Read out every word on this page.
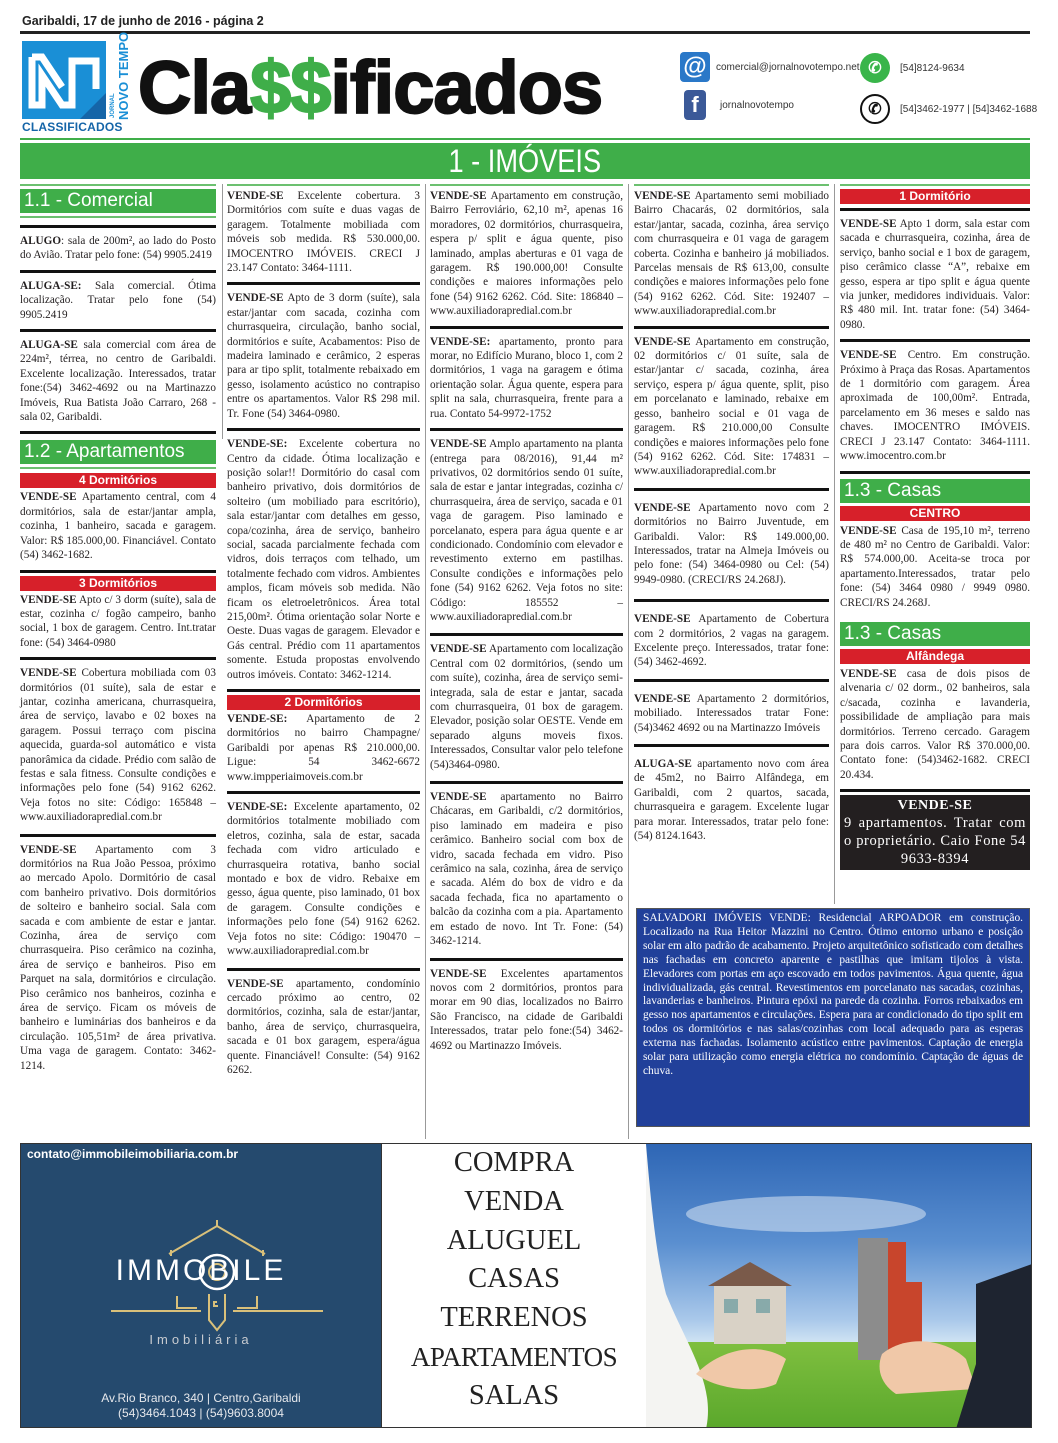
Garibaldi, 17 de junho de 2016 - página 2
JORNAL NOVO TEMPO
CLASSIFICADOS Cla$$ificados	@ comercial@jornalnovotempo.net
f	jornalnovotempo
✆	[54]8124-9634
✆	[54]3462-1977 | [54]3462-1688
1 - IMÓVEIS
1.1 - Comercial

ALUGO: sala de 200m², ao lado do Posto do Avião. Tratar pelo fone: (54) 9905.2419

ALUGA-SE: Sala comercial. Ótima localização. Tratar pelo fone (54) 9905.2419

ALUGA-SE sala comercial com área de 224m², térrea, no centro de Garibaldi. Excelente localização. Interessados, tratar fone:(54) 3462-4692 ou na Martinazzo Imóveis, Rua Batista João Carraro, 268 - sala 02, Garibaldi.

1.2 - Apartamentos
4 Dormitórios

VENDE-SE Apartamento central, com 4 dormitórios, sala de estar/jantar ampla, cozinha, 1 banheiro, sacada e garagem. Valor: R$ 185.000,00. Financiável. Contato (54) 3462-1682.

3 Dormitórios

VENDE-SE Apto c/ 3 dorm (suíte), sala de estar, cozinha c/ fogão campeiro, banho social, 1 box de garagem. Centro. Int.tratar fone: (54) 3464-0980

VENDE-SE Cobertura mobiliada com 03 dormitórios (01 suíte), sala de estar e jantar, cozinha americana, churrasqueira, área de serviço, lavabo e 02 boxes na garagem. Possui terraço com piscina aquecida, guarda-sol automático e vista panorâmica da cidade. Prédio com salão de festas e sala fitness. Consulte condições e informações pelo fone (54) 9162 6262. Veja fotos no site: Código: 165848 – www.auxiliadorapredial.com.br

VENDE-SE Apartamento com 3 dormitórios na Rua João Pessoa, próximo ao mercado Apolo. Dormitório de casal com banheiro privativo. Dois dormitórios de solteiro e banheiro social. Sala com sacada e com ambiente de estar e jantar. Cozinha, área de serviço com churrasqueira. Piso cerâmico na cozinha, área de serviço e banheiros. Piso em Parquet na sala, dormitórios e circulação. Piso cerâmico nos banheiros, cozinha e área de serviço. Ficam os móveis de banheiro e luminárias dos banheiros e da circulação. 105,51m² de área privativa. Uma vaga de garagem. Contato: 3462-1214.

VENDE-SE Excelente cobertura. 3 Dormitórios com suíte e duas vagas de garagem. Totalmente mobiliada com móveis sob medida. R$ 530.000,00. IMOCENTRO IMÓVEIS. CRECI J 23.147 Contato: 3464-1111.

VENDE-SE Apto de 3 dorm (suíte), sala estar/jantar com sacada, cozinha com churrasqueira, circulação, banho social, dormitórios e suíte, Acabamentos: Piso de madeira laminado e cerâmico, 2 esperas para ar tipo split, totalmente rebaixado em gesso, isolamento acústico no contrapiso entre os apartamentos. Valor R$ 298 mil. Tr. Fone (54) 3464-0980.

VENDE-SE: Excelente cobertura no Centro da cidade. Ótima localização e posição solar!! Dormitório do casal com banheiro privativo, dois dormitórios de solteiro (um mobiliado para escritório), sala estar/jantar com detalhes em gesso, copa/cozinha, área de serviço, banheiro social, sacada parcialmente fechada com vidros, dois terraços com telhado, um totalmente fechado com vidros. Ambientes amplos, ficam móveis sob medida. Não ficam os eletroeletrônicos. Área total 215,00m². Ótima orientação solar Norte e Oeste. Duas vagas de garagem. Elevador e Gás central. Prédio com 11 apartamentos somente. Estuda propostas envolvendo outros imóveis. Contato: 3462-1214.

2 Dormitórios

VENDE-SE: Apartamento de 2 dormitórios no bairro Champagne/ Garibaldi por apenas R$ 210.000,00. Ligue: 54 3462-6672 www.impperiaimoveis.com.br

VENDE-SE: Excelente apartamento, 02 dormitórios totalmente mobiliado com eletros, cozinha, sala de estar, sacada fechada com vidro articulado e churrasqueira rotativa, banho social montado e box de vidro. Rebaixe em gesso, água quente, piso laminado, 01 box de garagem. Consulte condições e informações pelo fone (54) 9162 6262. Veja fotos no site: Código: 190470 – www.auxiliadorapredial.com.br

VENDE-SE apartamento, condomínio cercado próximo ao centro, 02 dormitórios, cozinha, sala de estar/jantar, banho, área de serviço, churrasqueira, sacada e 01 box garagem, espera/água quente. Financiável! Consulte: (54) 9162 6262.

VENDE-SE Apartamento em construção, Bairro Ferroviário, 62,10 m², apenas 16 moradores, 02 dormitórios, churrasqueira, espera p/ split e água quente, piso laminado, amplas aberturas e 01 vaga de garagem. R$ 190.000,00! Consulte condições e maiores informações pelo fone (54) 9162 6262. Cód. Site: 186840 – www.auxiliadorapredial.com.br

VENDE-SE: apartamento, pronto para morar, no Edifício Murano, bloco 1, com 2 dormitórios, 1 vaga na garagem e ótima orientação solar. Água quente, espera para split na sala, churrasqueira, frente para a rua. Contato 54-9972-1752

VENDE-SE Amplo apartamento na planta (entrega para 08/2016), 91,44 m² privativos, 02 dormitórios sendo 01 suíte, sala de estar e jantar integradas, cozinha c/ churrasqueira, área de serviço, sacada e 01 vaga de garagem. Piso laminado e porcelanato, espera para água quente e ar condicionado. Condomínio com elevador e revestimento externo em pastilhas. Consulte condições e informações pelo fone (54) 9162 6262. Veja fotos no site: Código: 185552 – www.auxiliadorapredial.com.br

VENDE-SE Apartamento com localização Central com 02 dormitórios, (sendo um com suíte), cozinha, área de serviço semi-integrada, sala de estar e jantar, sacada com churrasqueira, 01 box de garagem. Elevador, posição solar OESTE. Vende em separado alguns moveis fixos. Interessados, Consultar valor pelo telefone (54)3464-0980.

VENDE-SE apartamento no Bairro Chácaras, em Garibaldi, c/2 dormitórios, piso laminado em madeira e piso cerâmico. Banheiro social com box de vidro, sacada fechada em vidro. Piso cerâmico na sala, cozinha, área de serviço e sacada. Além do box de vidro e da sacada fechada, fica no apartamento o balcão da cozinha com a pia. Apartamento em estado de novo. Int Tr. Fone: (54) 3462-1214.

VENDE-SE Excelentes apartamentos novos com 2 dormitórios, prontos para morar em 90 dias, localizados no Bairro São Francisco, na cidade de Garibaldi Interessados, tratar pelo fone:(54) 3462-4692 ou Martinazzo Imóveis.

VENDE-SE Apartamento semi mobiliado Bairro Chacarás, 02 dormitórios, sala estar/jantar, sacada, cozinha, área serviço com churrasqueira e 01 vaga de garagem coberta. Cozinha e banheiro já mobiliados. Parcelas mensais de R$ 613,00, consulte condições e maiores informações pelo fone (54) 9162 6262. Cód. Site: 192407 – www.auxiliadorapredial.com.br

VENDE-SE Apartamento em construção, 02 dormitórios c/ 01 suíte, sala de estar/jantar c/ sacada, cozinha, área serviço, espera p/ água quente, split, piso em porcelanato e laminado, rebaixe em gesso, banheiro social e 01 vaga de garagem. R$ 210.000,00 Consulte condições e maiores informações pelo fone (54) 9162 6262. Cód. Site: 174831 – www.auxiliadorapredial.com.br

VENDE-SE Apartamento novo com 2 dormitórios no Bairro Juventude, em Garibaldi. Valor: R$ 149.000,00. Interessados, tratar na Almeja Imóveis ou pelo fone: (54) 3464-0980 ou Cel: (54) 9949-0980. (CRECI/RS 24.268J).

VENDE-SE Apartamento de Cobertura com 2 dormitórios, 2 vagas na garagem. Excelente preço. Interessados, tratar fone: (54) 3462-4692.

VENDE-SE Apartamento 2 dormitórios, mobiliado. Interessados tratar Fone: (54)3462 4692 ou na Martinazzo Imóveis

ALUGA-SE apartamento novo com área de 45m2, no Bairro Alfândega, em Garibaldi, com 2 quartos, sacada, churrasqueira e garagem. Excelente lugar para morar. Interessados, tratar pelo fone: (54) 8124.1643.

1 Dormitório

VENDE-SE Apto 1 dorm, sala estar com sacada e churrasqueira, cozinha, área de serviço, banho social e 1 box de garagem, piso cerâmico classe “A”, rebaixe em gesso, espera ar tipo split e água quente via junker, medidores individuais. Valor: R$ 480 mil. Int. tratar fone: (54) 3464-0980.

VENDE-SE Centro. Em construção. Próximo à Praça das Rosas. Apartamentos de 1 dormitório com garagem. Área aproximada de 100,00m². Entrada, parcelamento em 36 meses e saldo nas chaves. IMOCENTRO IMÓVEIS. CRECI J 23.147 Contato: 3464-1111. www.imocentro.com.br

1.3 - Casas
CENTRO

VENDE-SE Casa de 195,10 m², terreno de 480 m² no Centro de Garibaldi. Valor: R$ 574.000,00. Aceita-se troca por apartamento.Interessados, tratar pelo fone: (54) 3464 0980 / 9949 0980. CRECI/RS 24.268J.

1.3 - Casas
Alfândega

VENDE-SE casa de dois pisos de alvenaria c/ 02 dorm., 02 banheiros, sala c/sacada, cozinha e lavanderia, possibilidade de ampliação para mais dormitórios. Terreno cercado. Garagem para dois carros. Valor R$ 370.000,00. Contato fone: (54)3462-1682. CRECI 20.434.

VENDE-SE
9 apartamentos. Tratar com o proprietário. Caio Fone 54 9633-8394
SALVADORI IMÓVEIS VENDE: Residencial ARPOADOR em construção. Localizado na Rua Heitor Mazzini no Centro. Ótimo entorno urbano e posição solar em alto padrão de acabamento. Projeto arquitetônico sofisticado com detalhes nas fachadas em concreto aparente e pastilhas que imitam tijolos à vista. Elevadores com portas em aço escovado em todos pavimentos. Água quente, água individualizada, gás central. Revestimentos em porcelanato nas sacadas, cozinhas, lavanderias e banheiros. Pintura epóxi na parede da cozinha. Forros rebaixados em gesso nos apartamentos e circulações. Espera para ar condicionado do tipo split em todos os dormitórios e nas salas/cozinhas com local adequado para as esperas externa nas fachadas. Isolamento acústico entre pavimentos. Captação de energia solar para utilização como energia elétrica no condomínio. Captação de águas de chuva.
contato@immobileimobiliaria.com.br
IMMOBILE
Imobiliária
Av.Rio Branco, 340 | Centro,Garibaldi
(54)3464.1043 | (54)9603.8004
COMPRA
VENDA
ALUGUEL
CASAS
TERRENOS
APARTAMENTOS
SALAS
